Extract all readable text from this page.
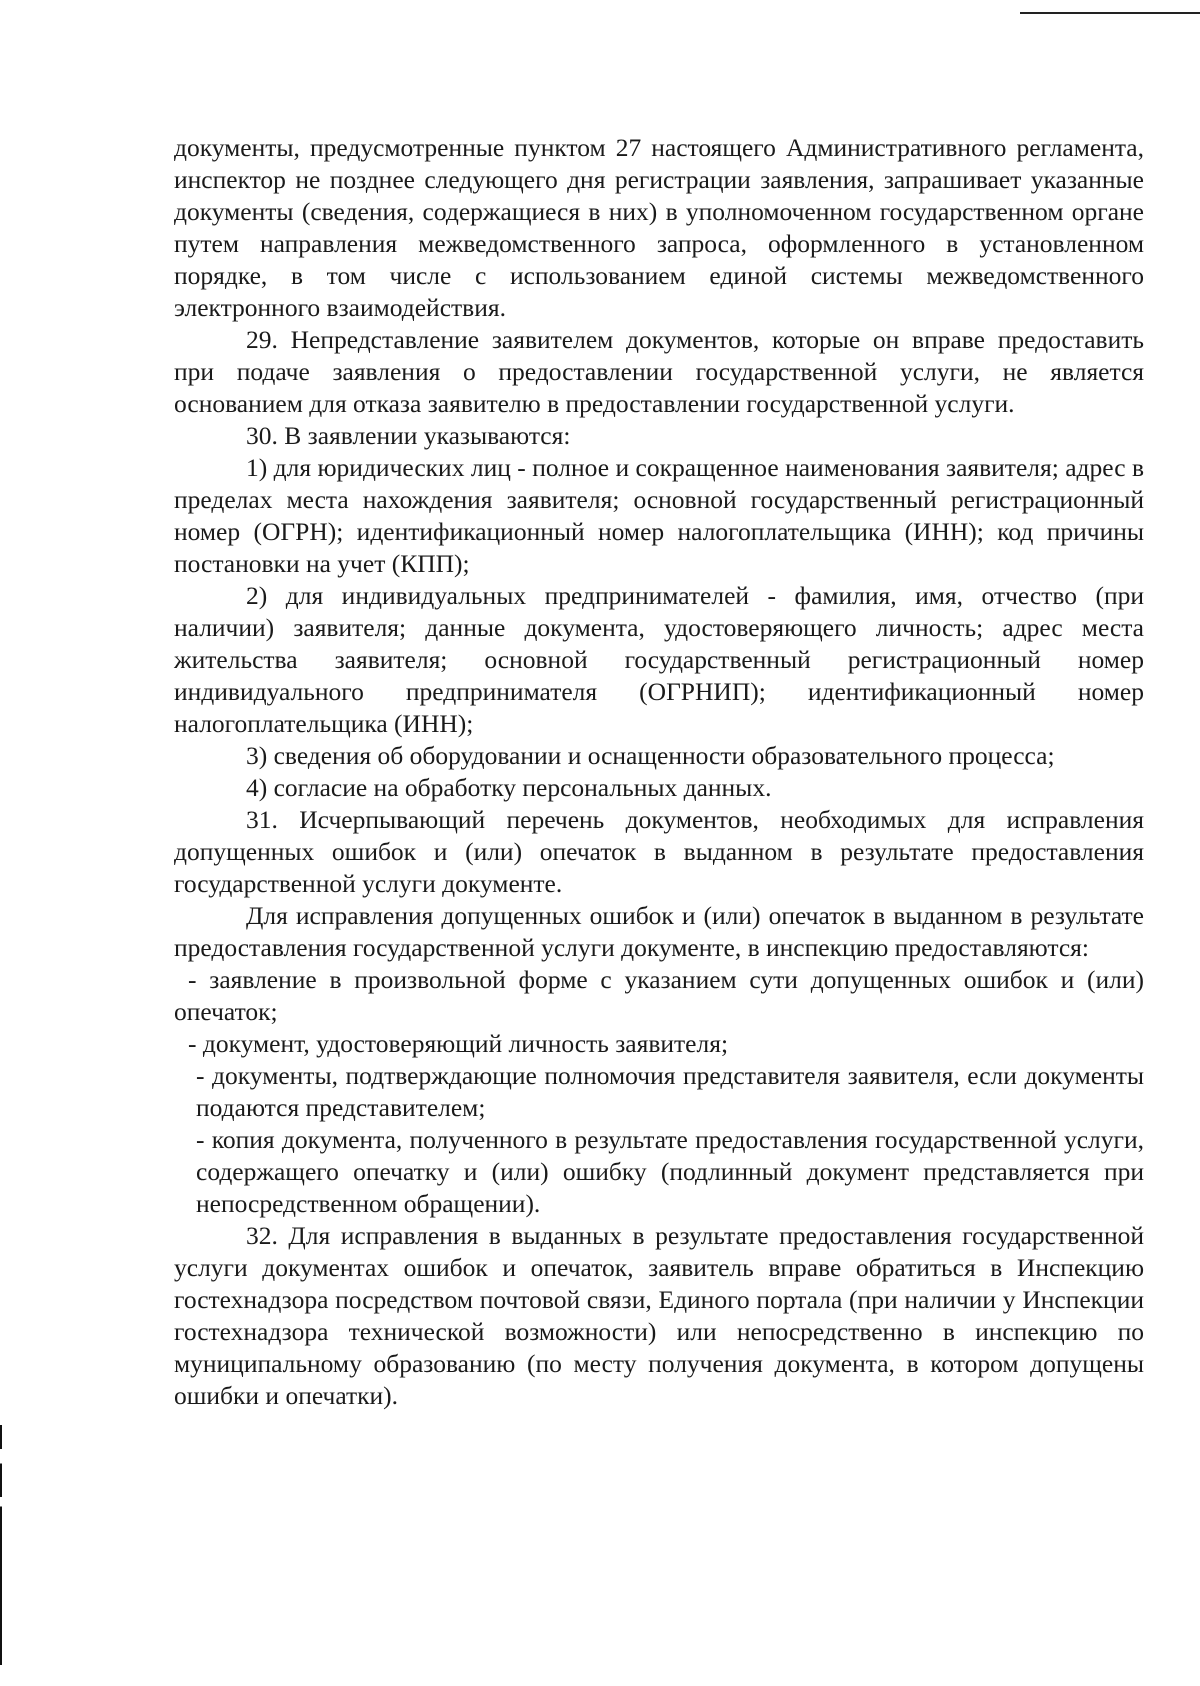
документы, предусмотренные пунктом 27 настоящего Административного регламента, инспектор не позднее следующего дня регистрации заявления, запрашивает указанные документы (сведения, содержащиеся в них) в уполномоченном государственном органе путем направления межведомственного запроса, оформленного в установленном порядке, в том числе с использованием единой системы межведомственного электронного взаимодействия.

29. Непредставление заявителем документов, которые он вправе предоставить при подаче заявления о предоставлении государственной услуги, не является основанием для отказа заявителю в предоставлении государственной услуги.

30. В заявлении указываются:

1) для юридических лиц - полное и сокращенное наименования заявителя; адрес в пределах места нахождения заявителя; основной государственный регистрационный номер (ОГРН); идентификационный номер налогоплательщика (ИНН); код причины постановки на учет (КПП);

2) для индивидуальных предпринимателей - фамилия, имя, отчество (при наличии) заявителя; данные документа, удостоверяющего личность; адрес места жительства заявителя; основной государственный регистрационный номер индивидуального предпринимателя (ОГРНИП); идентификационный номер налогоплательщика (ИНН);

3) сведения об оборудовании и оснащенности образовательного процесса;

4) согласие на обработку персональных данных.

31. Исчерпывающий перечень документов, необходимых для исправления допущенных ошибок и (или) опечаток в выданном в результате предоставления государственной услуги документе.

Для исправления допущенных ошибок и (или) опечаток в выданном в результате предоставления государственной услуги документе, в инспекцию предоставляются:

- заявление в произвольной форме с указанием сути допущенных ошибок и (или) опечаток;

- документ, удостоверяющий личность заявителя;

- документы, подтверждающие полномочия представителя заявителя, если документы подаются представителем;

- копия документа, полученного в результате предоставления государственной услуги, содержащего опечатку и (или) ошибку (подлинный документ представляется при непосредственном обращении).

32. Для исправления в выданных в результате предоставления государственной услуги документах ошибок и опечаток, заявитель вправе обратиться в Инспекцию гостехнадзора посредством почтовой связи, Единого портала (при наличии у Инспекции гостехнадзора технической возможности) или непосредственно в инспекцию по муниципальному образованию (по месту получения документа, в котором допущены ошибки и опечатки).
